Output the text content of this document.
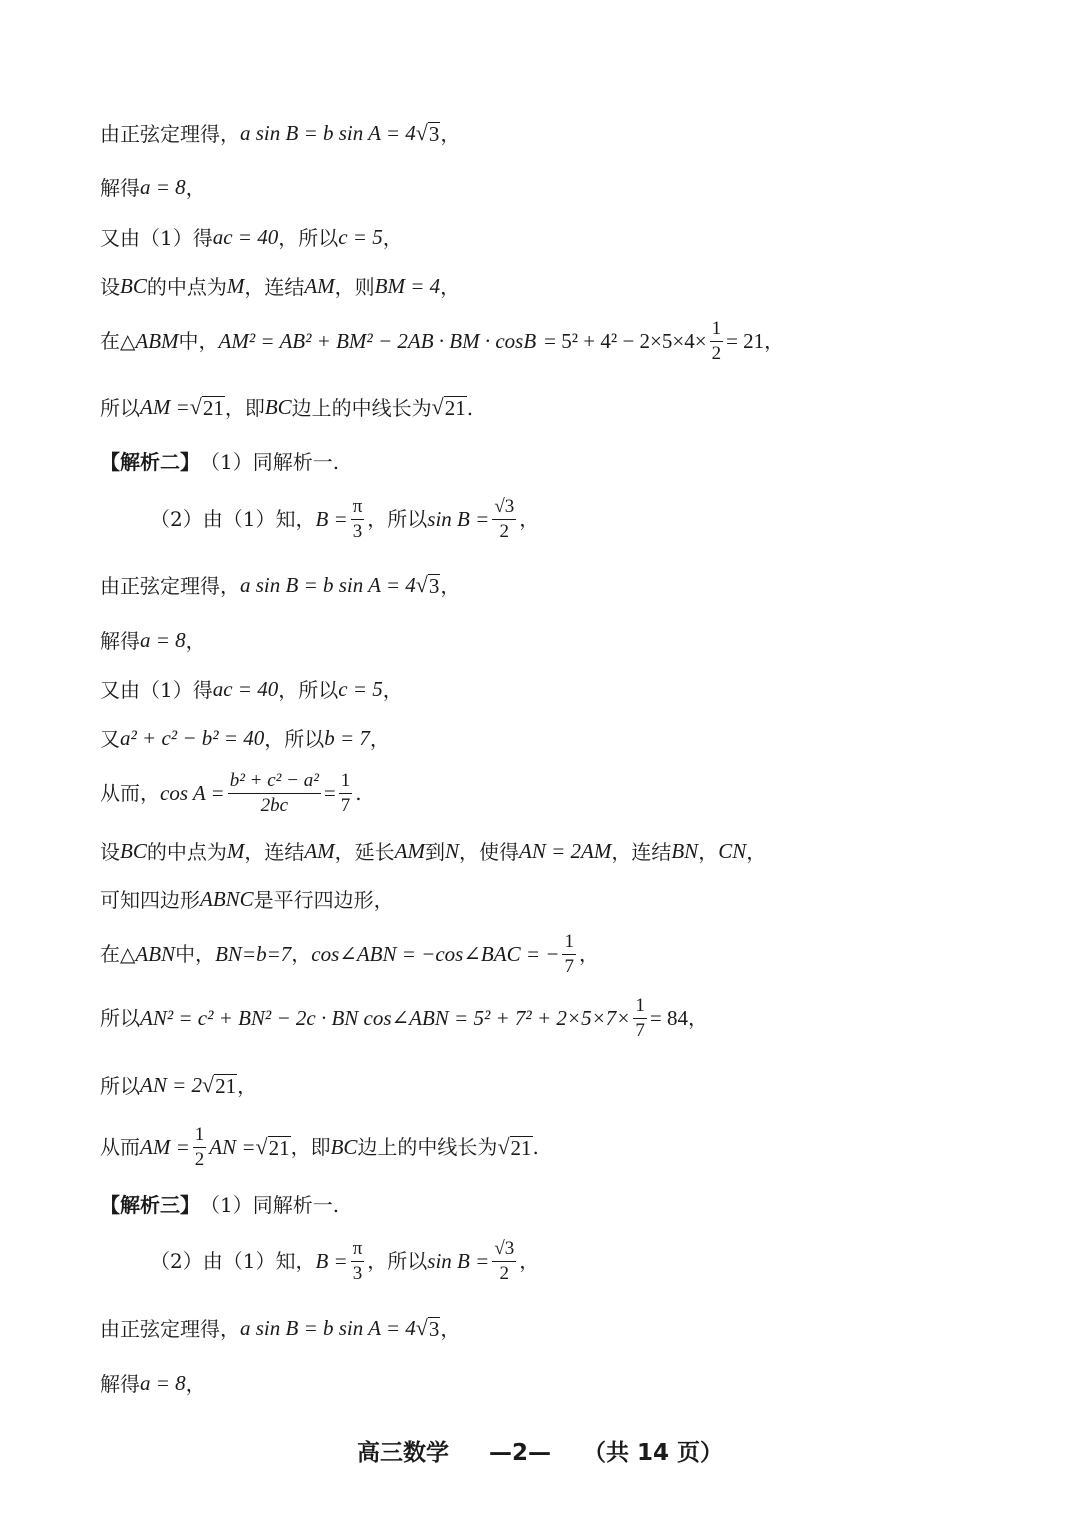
由正弦定理得， a sin B = b sin A = 4 √ 3 ，
解得 a = 8 ，
又由（1）得 ac = 40 ，所以 c = 5 ，
设 BC 的中点为 M ，连结 AM ，则 BM = 4 ，
在△ ABM 中， AM² = AB² + BM² − 2AB · BM · $\cos B = 5^2 + 4^2 - 2\times 5\times 4\times \frac{1}{2} = 21$ ，
所以 AM = √ 21 ，即 BC 边上的中线长为 √ 21 .
【解析二】 （1）同解析一.
（2）由（1）知， $B = \frac{\pi}{3}$ ，所以 $\sin B = \frac{√3}{2}$ ，
由正弦定理得， a sin B = b sin A = 4 √ 3 ，
解得 a = 8 ，
又由（1）得 ac = 40 ，所以 c = 5 ，
又 a² + c² − b² = 40 ，所以 b = 7 ，
从而， $\cos A = \frac{\text{b² + c² − a²}}{2bc} = \frac{1}{7}$ .
设 BC 的中点为 M ，连结 AM ，延长 AM 到 N ，使得 AN = 2AM ，连结 BN ， CN ，
可知四边形 ABNC 是平行四边形，
在△ ABN 中， BN=b=7 ， cos∠ABN = −cos∠BAC = − $\frac{1}{7}$ ，
所以 AN² = c² + BN² − 2c · BN cos∠ABN = $5^2 + 7^2 + 2\times 5\times 7\times \frac{1}{7} = 84$ ，
所以 AN = 2 √ 21 ，
从而 AM = $\frac{1}{2}$ AN = √ 21 ，即 BC 边上的中线长为 √ 21 .
【解析三】 （1）同解析一.
（2）由（1）知， $B = \frac{\pi}{3}$ ，所以 $\sin B = \frac{√3}{2}$ ，
由正弦定理得， a sin B = b sin A = 4 √ 3 ，
解得 a = 8 ，
高三数学 —2— （共 14 页）
